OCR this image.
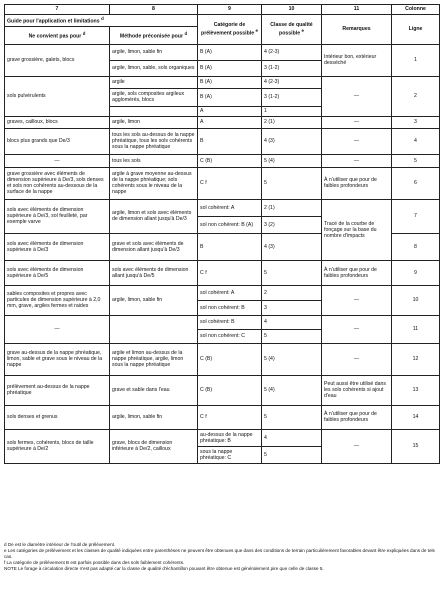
7	8	9	10	11	Colonne
Guide pour l'application et limitations $^d$		Catégorie de prélèvement possible $^e$	Classe de qualité possible $^e$	Remarques	Ligne
Ne convient pas pour $^d$	Méthode préconisée pour $^d$
grave grossière, galets, blocs	argile, limon, sable fin	B (A)	4 (2-3)	Intérieur bon, extérieur desséché	1
	argile, limon, sable, sols organiques	B (A)	3 (1-2)		
sols pulvérulents	argile	B (A)	4 (2-3)	—	2
	argile, sols composites argileux agglomérés, blocs	B (A)	3 (1-2)		
		A	1		
graves, cailloux, blocs	argile, limon	A	2 (1)	—	3
blocs plus grands que De/3	tous les sols au-dessus de la nappe phréatique, tous les sols cohérents sous la nappe phréatique	B	4 (3)	—	4
—	tous les sols	C (B)	5 (4)	—	5
grave grossière avec éléments de dimension supérieure à De/3, sols denses et sols non cohérents au-dessous de la surface de la nappe	argile à grave moyenne au-dessus de la nappe phréatique; sols cohérents sous le niveau de la nappe	C f	5	À n'utiliser que pour de faibles profondeurs	6
sols avec éléments de dimension supérieure à De/3, sol feuilleté, par exemple varve	argile, limon et sols avec éléments de dimension allant jusqu'à De/3	sol cohérent: A	2 (1)	Tracé de la courbe de fonçage sur la base du nombre d'impacts	7
		sol non cohérent: B (A)	3 (2)		
sols avec éléments de dimension supérieure à De/3	grave et sols avec éléments de dimension allant jusqu'à De/3	B	4 (3)		8
sols avec éléments de dimension supérieure à De/5	sols avec éléments de dimension allant jusqu'à De/5	C f	5	À n'utiliser que pour de faibles profondeurs	9
sables composites et propres avec particules de dimension supérieure à 2,0 mm, grave, argiles fermes et raides	argile, limon, sable fin	sol cohérent: A	2	—	10
		sol non cohérent: B	3		
—		sol cohérent: B	4	—	11
		sol non cohérent: C	5		
grave au-dessus de la nappe phréatique, limon, sable et grave sous le niveau de la nappe	argile et limon au-dessus de la nappe phréatique, argile, limon sous la nappe phréatique	C (B)	5 (4)	—	12
prélèvement au-dessus de la nappe phréatique	grave et sable dans l'eau	C (B)	5 (4)	Peut aussi être utilisé dans les sols cohérents si ajout d'eau	13
sols denses et grenus	argile, limon, sable fin	C f	5	À n'utiliser que pour de faibles profondeurs	14
sols fermes, cohérents, blocs de taille supérieure à De/2	grave, blocs de dimension inférieure à De/2, cailloux	au-dessus de la nappe phréatique: B	4	—	15
		sous la nappe phréatique: C	5		

d De est le diamètre intérieur de l'outil de prélèvement.

e Les catégories de prélèvement et les classes de qualité indiquées entre parenthèses ne peuvent être obtenues que dans des conditions de terrain particulièrement favorables devant être expliquées dans de tels cas.

f La catégorie de prélèvement B est parfois possible dans des sols faiblement cohérents.

NOTE Le forage à circulation directe n'est pas adapté car la classe de qualité d'échantillon pouvant être obtenue est généralement pire que celle de classe 5.
